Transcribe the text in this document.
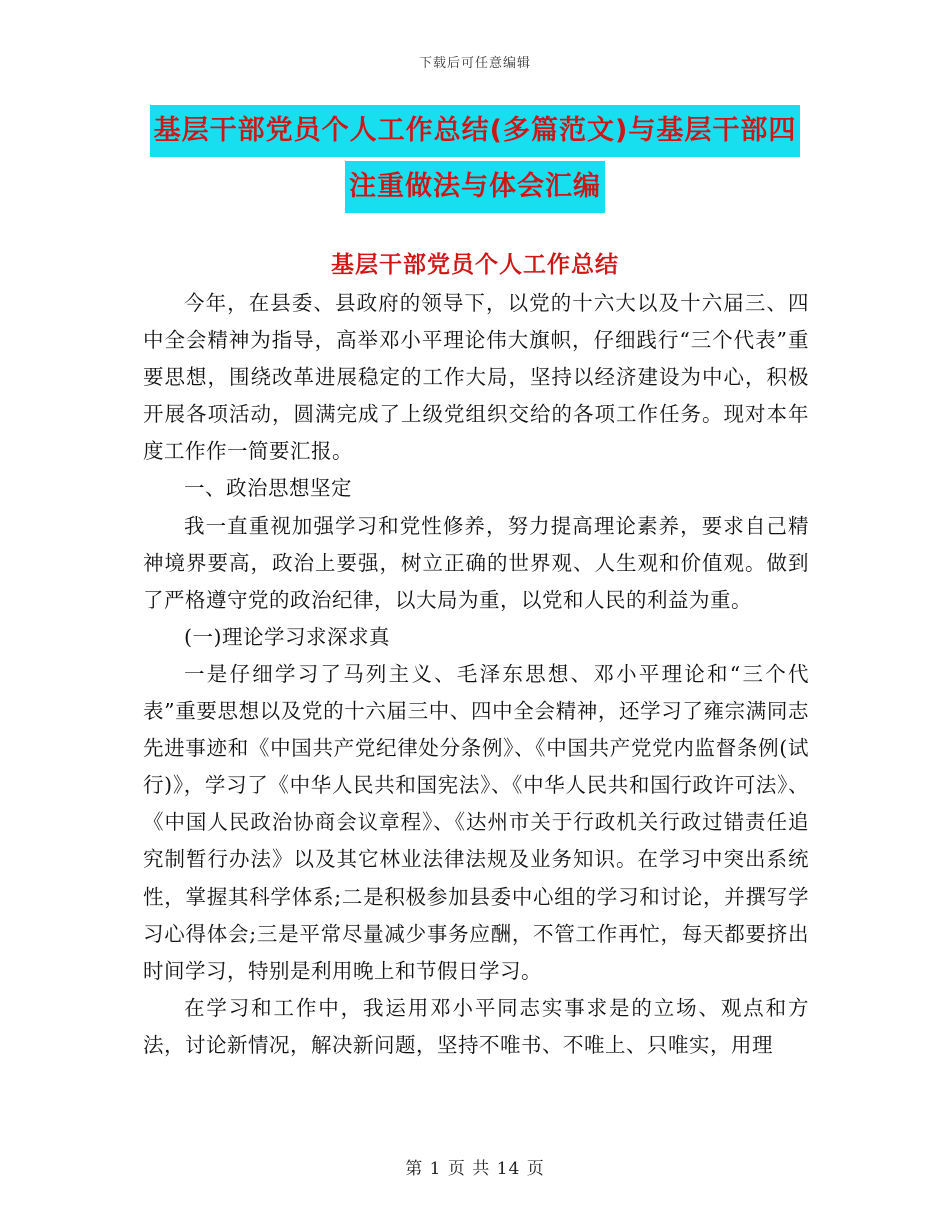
下载后可任意编辑
基层干部党员个人工作总结(多篇范文)与基层干部四
注重做法与体会汇编
基层干部党员个人工作总结

今年，在县委、县政府的领导下，以党的十六大以及十六届三、四中全会精神为指导，高举邓小平理论伟大旗帜，仔细践行“三个代表”重要思想，围绕改革进展稳定的工作大局，坚持以经济建设为中心，积极开展各项活动，圆满完成了上级党组织交给的各项工作任务。现对本年度工作作一简要汇报。

一、政治思想坚定

我一直重视加强学习和党性修养，努力提高理论素养，要求自己精神境界要高，政治上要强，树立正确的世界观、人生观和价值观。做到了严格遵守党的政治纪律，以大局为重，以党和人民的利益为重。

(一)理论学习求深求真

一是仔细学习了马列主义、毛泽东思想、邓小平理论和“三个代表”重要思想以及党的十六届三中、四中全会精神，还学习了雍宗满同志先进事迹和《中国共产党纪律处分条例》、《中国共产党党内监督条例(试行)》，学习了《中华人民共和国宪法》、《中华人民共和国行政许可法》、《中国人民政治协商会议章程》、《达州市关于行政机关行政过错责任追究制暂行办法》以及其它林业法律法规及业务知识。在学习中突出系统性，掌握其科学体系;二是积极参加县委中心组的学习和讨论，并撰写学习心得体会;三是平常尽量减少事务应酬，不管工作再忙，每天都要挤出时间学习，特别是利用晚上和节假日学习。

在学习和工作中，我运用邓小平同志实事求是的立场、观点和方法，讨论新情况，解决新问题，坚持不唯书、不唯上、只唯实，用理

第 1 页 共 14 页
